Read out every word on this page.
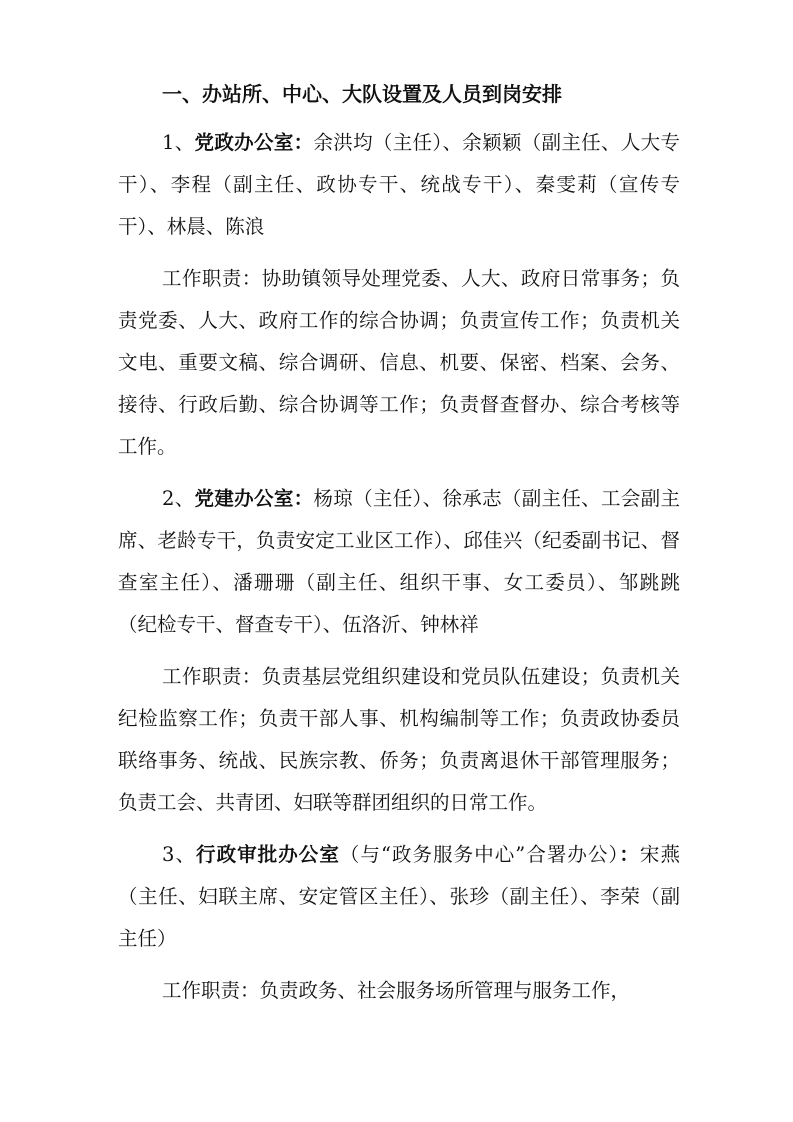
一、办站所、中心、大队设置及人员到岗安排

1、党政办公室：余洪均（主任）、余颖颖（副主任、人大专干）、李程（副主任、政协专干、统战专干）、秦雯莉（宣传专干）、林晨、陈浪

工作职责：协助镇领导处理党委、人大、政府日常事务；负责党委、人大、政府工作的综合协调；负责宣传工作；负责机关文电、重要文稿、综合调研、信息、机要、保密、档案、会务、接待、行政后勤、综合协调等工作；负责督查督办、综合考核等工作。

2、党建办公室：杨琼（主任）、徐承志（副主任、工会副主席、老龄专干，负责安定工业区工作）、邱佳兴（纪委副书记、督查室主任）、潘珊珊（副主任、组织干事、女工委员）、邹跳跳（纪检专干、督查专干）、伍洛沂、钟林祥

工作职责：负责基层党组织建设和党员队伍建设；负责机关纪检监察工作；负责干部人事、机构编制等工作；负责政协委员联络事务、统战、民族宗教、侨务；负责离退休干部管理服务；负责工会、共青团、妇联等群团组织的日常工作。

3、行政审批办公室（与“政务服务中心”合署办公）：宋燕（主任、妇联主席、安定管区主任）、张珍（副主任）、李荣（副主任）

工作职责：负责政务、社会服务场所管理与服务工作，
